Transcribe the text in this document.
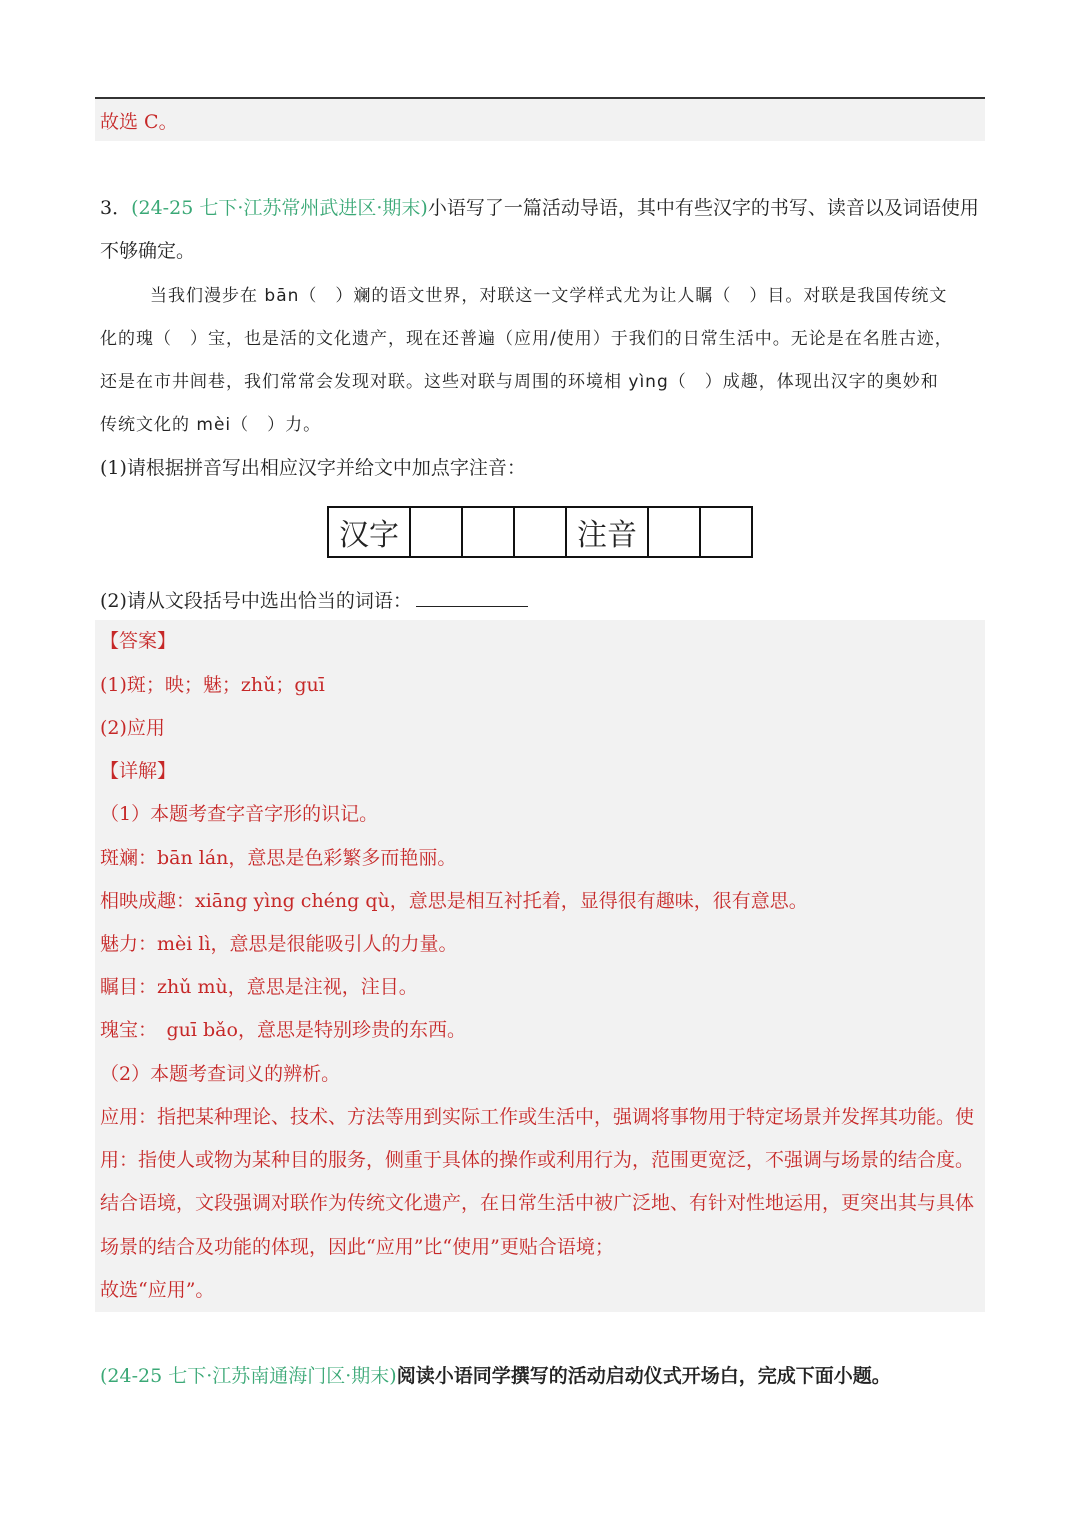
故选 C。
3．(24-25 七下·江苏常州武进区·期末)小语写了一篇活动导语，其中有些汉字的书写、读音以及词语使用
不够确定。
当我们漫步在 bān（　）斓的语文世界，对联这一文学样式尤为让人瞩（　）目。对联是我国传统文
化的瑰（　）宝，也是活的文化遗产，现在还普遍（应用/使用）于我们的日常生活中。无论是在名胜古迹，
还是在市井闾巷，我们常常会发现对联。这些对联与周围的环境相 yìng（　）成趣，体现出汉字的奥妙和
传统文化的 mèi（　）力。
(1)请根据拼音写出相应汉字并给文中加点字注音：
汉字				注音		
(2)请从文段括号中选出恰当的词语：
【答案】
(1)斑；映；魅；zhǔ；guī
(2)应用
【详解】
（1）本题考查字音字形的识记。
斑斓：bān lán，意思是色彩繁多而艳丽。
相映成趣：xiāng yìng chéng qù，意思是相互衬托着，显得很有趣味，很有意思。
魅力：mèi lì，意思是很能吸引人的力量。
瞩目：zhǔ mù，意思是注视，注目。
瑰宝：　guī bǎo，意思是特别珍贵的东西。
（2）本题考查词义的辨析。
应用：指把某种理论、技术、方法等用到实际工作或生活中，强调将事物用于特定场景并发挥其功能。使
用：指使人或物为某种目的服务，侧重于具体的操作或利用行为，范围更宽泛，不强调与场景的结合度。
结合语境，文段强调对联作为传统文化遗产，在日常生活中被广泛地、有针对性地运用，更突出其与具体
场景的结合及功能的体现，因此“应用”比“使用”更贴合语境；
故选“应用”。
(24-25 七下·江苏南通海门区·期末)阅读小语同学撰写的活动启动仪式开场白，完成下面小题。
